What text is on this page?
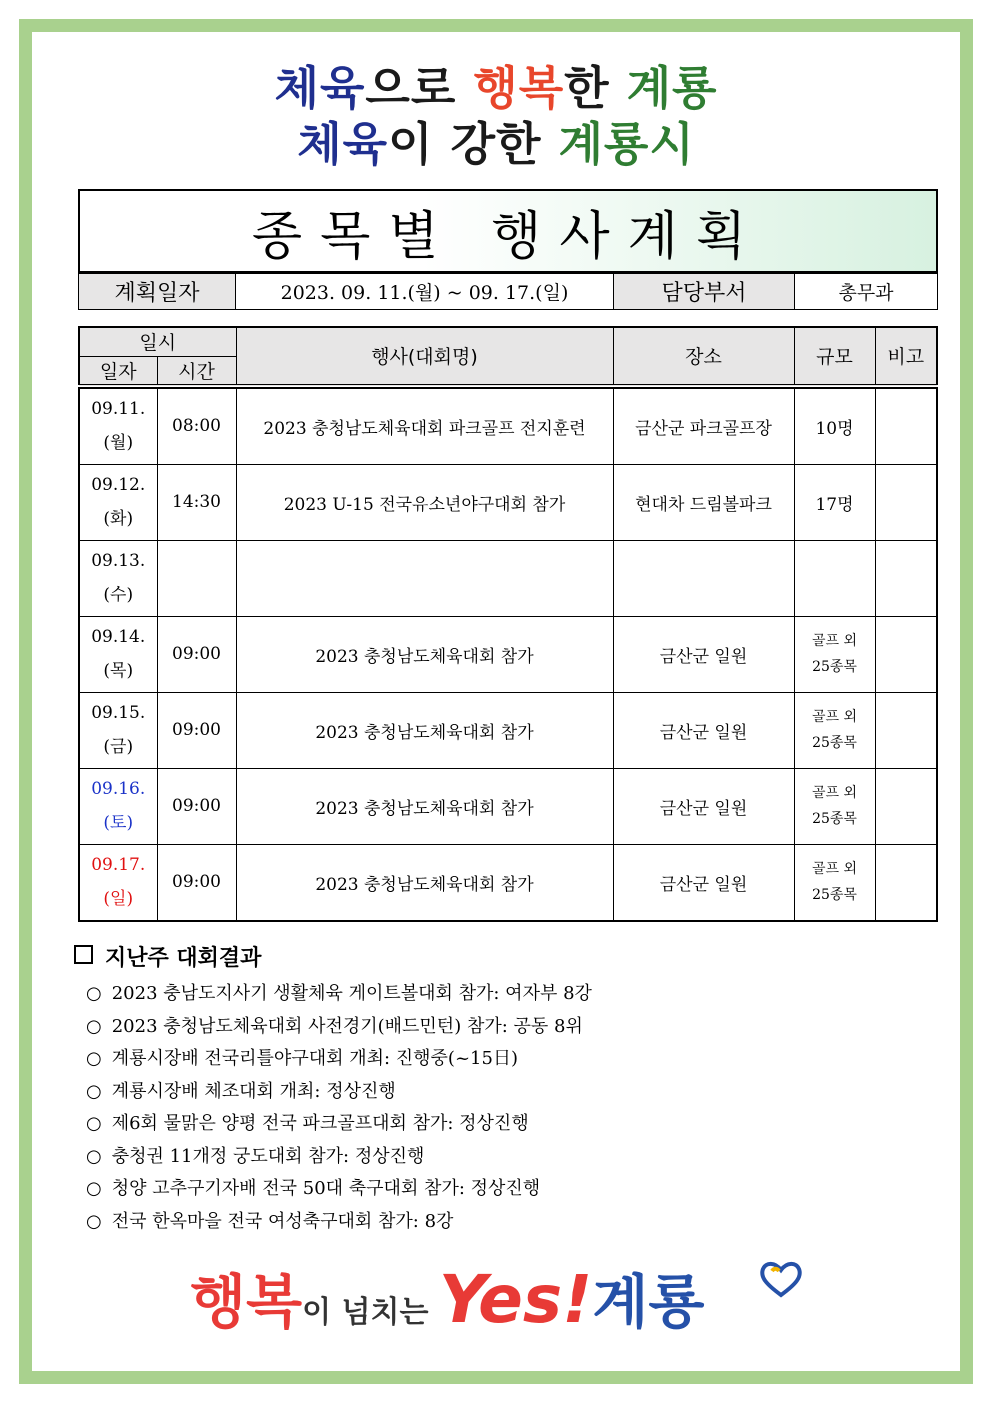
체육으로 행복한 계룡
체육이 강한 계룡시
종목별 행사계획
계획일자	2023. 09. 11.(월) ~ 09. 17.(일)	담당부서	총무과
일시		행사(대회명)	장소	규모	비고
일자	시간				

09.11.
(월)	08:00	2023 충청남도체육대회 파크골프 전지훈련	금산군 파크골프장	10명	
09.12.
(화)	14:30	2023 U-15 전국유소년야구대회 참가	현대차 드림볼파크	17명	
09.13.
(수)					
09.14.
(목)	09:00	2023 충청남도체육대회 참가	금산군 일원	골프 외
25종목	
09.15.
(금)	09:00	2023 충청남도체육대회 참가	금산군 일원	골프 외
25종목	
09.16.
(토)	09:00	2023 충청남도체육대회 참가	금산군 일원	골프 외
25종목	
09.17.
(일)	09:00	2023 충청남도체육대회 참가	금산군 일원	골프 외
25종목	
지난주 대회결과
○ 2023 충남도지사기 생활체육 게이트볼대회 참가: 여자부 8강
○ 2023 충청남도체육대회 사전경기(배드민턴) 참가: 공동 8위
○ 계룡시장배 전국리틀야구대회 개최: 진행중(~15日)
○ 계룡시장배 체조대회 개최: 정상진행
○ 제6회 물맑은 양평 전국 파크골프대회 참가: 정상진행
○ 충청권 11개정 궁도대회 참가: 정상진행
○ 청양 고추구기자배 전국 50대 축구대회 참가: 정상진행
○ 전국 한옥마을 전국 여성축구대회 참가: 8강
행복이 넘치는 Yes!계룡
